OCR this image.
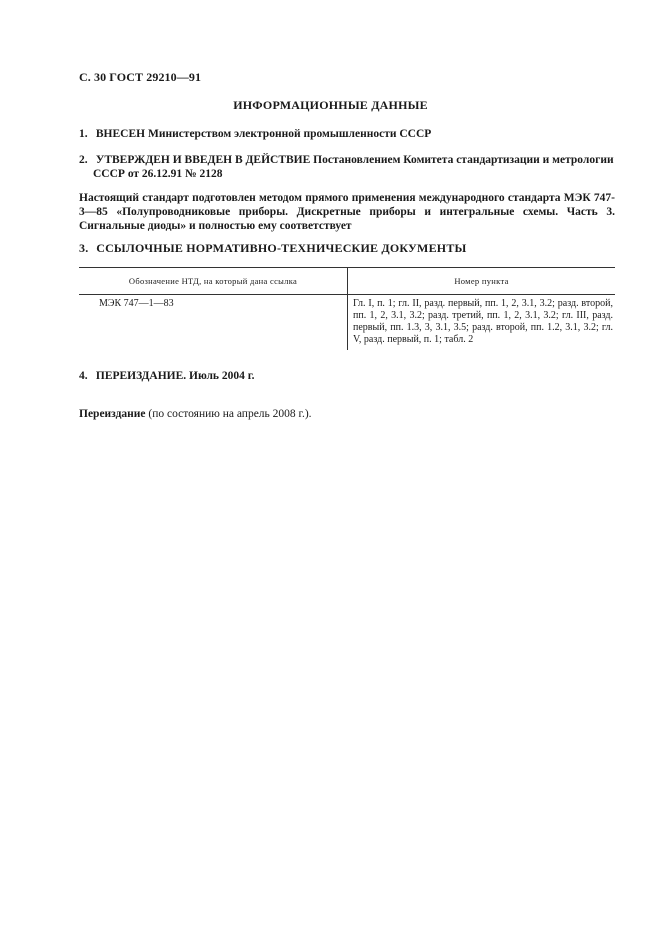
С. 30 ГОСТ 29210—91
ИНФОРМАЦИОННЫЕ ДАННЫЕ
1. ВНЕСЕН Министерством электронной промышленности СССР
2. УТВЕРЖДЕН И ВВЕДЕН В ДЕЙСТВИЕ Постановлением Комитета стандартизации и метрологии
СССР от 26.12.91 № 2128
Настоящий стандарт подготовлен методом прямого применения международного стандарта МЭК 747-3—85 «Полупроводниковые приборы. Дискретные приборы и интегральные схемы. Часть 3. Сигнальные диоды» и полностью ему соответствует
3. ССЫЛОЧНЫЕ НОРМАТИВНО-ТЕХНИЧЕСКИЕ ДОКУМЕНТЫ
Обозначение НТД, на который дана ссылка	Номер пункта
МЭК 747—1—83	Гл. I, п. 1; гл. II, разд. первый, пп. 1, 2, 3.1, 3.2; разд. второй, пп. 1, 2, 3.1, 3.2; разд. третий, пп. 1, 2, 3.1, 3.2; гл. III, разд. первый, пп. 1.3, 3, 3.1, 3.5; разд. второй, пп. 1.2, 3.1, 3.2; гл. V, разд. первый, п. 1; табл. 2
4. ПЕРЕИЗДАНИЕ. Июль 2004 г.
Переиздание (по состоянию на апрель 2008 г.).
